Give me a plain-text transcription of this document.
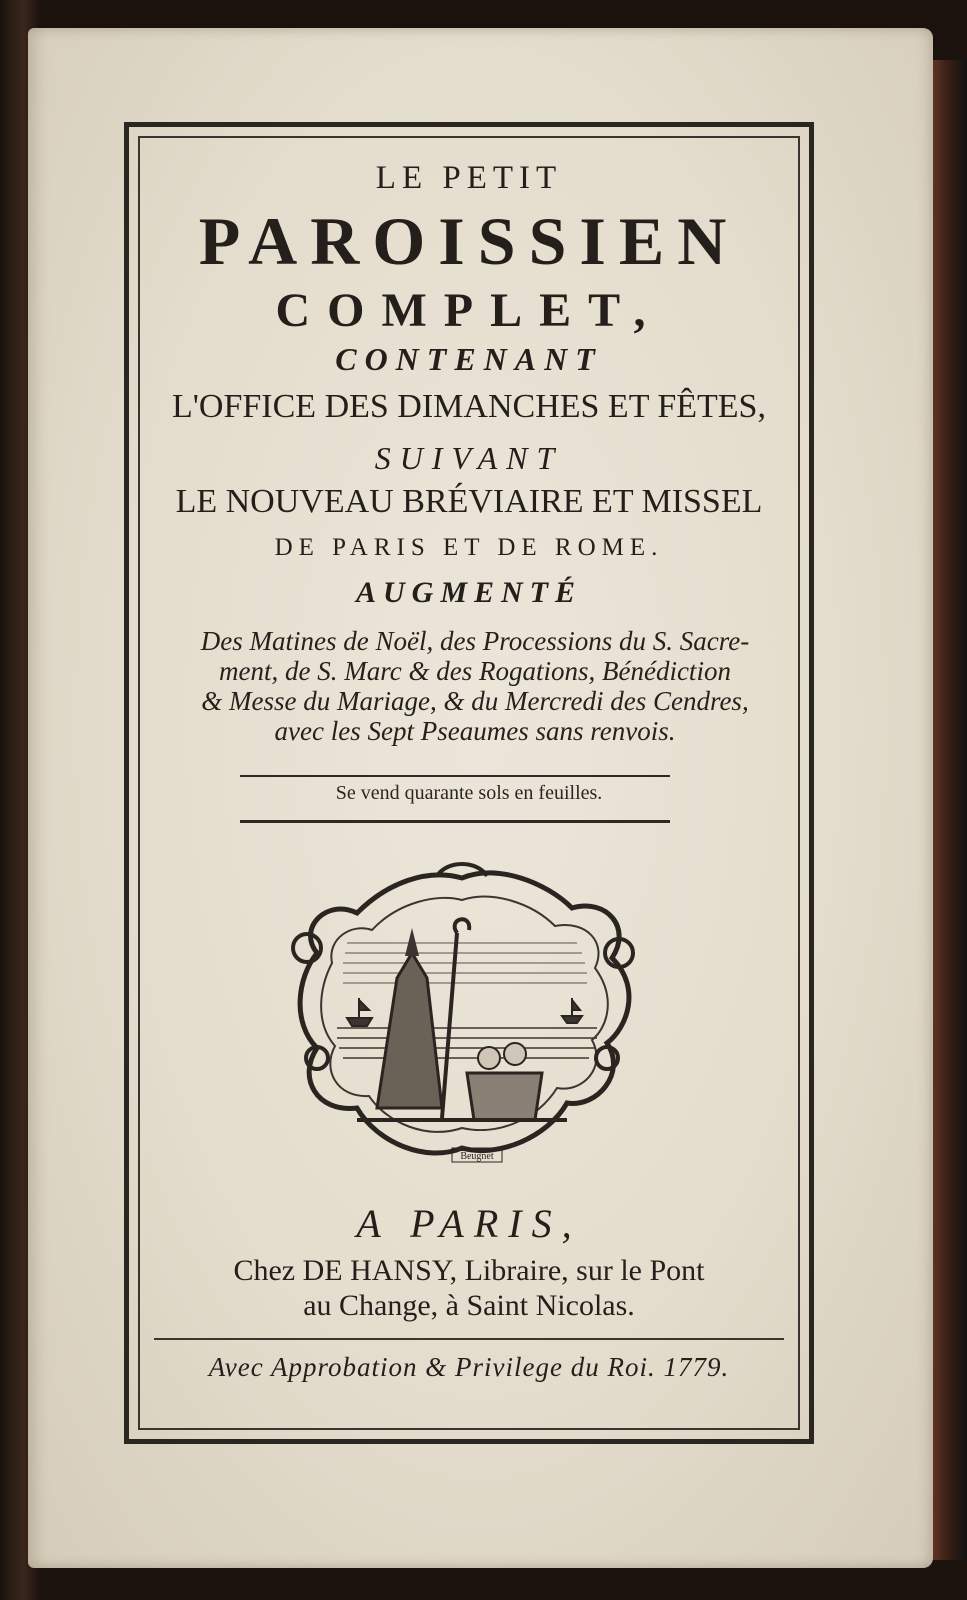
LE PETIT
PAROISSIEN
COMPLET,
CONTENANT
L'OFFICE DES DIMANCHES ET FÊTES,
SUIVANT
LE NOUVEAU BRÉVIAIRE ET MISSEL
DE PARIS ET DE ROME.
AUGMENTÉ
Des Matines de Noël, des Processions du S. Sacre-
ment, de S. Marc & des Rogations, Bénédiction
& Messe du Mariage, & du Mercredi des Cendres,
avec les Sept Pseaumes sans renvois.
Se vend quarante sols en feuilles.
Beugnet
A PARIS,
Chez DE HANSY, Libraire, sur le Pont
au Change, à Saint Nicolas.
Avec Approbation & Privilege du Roi. 1779.
